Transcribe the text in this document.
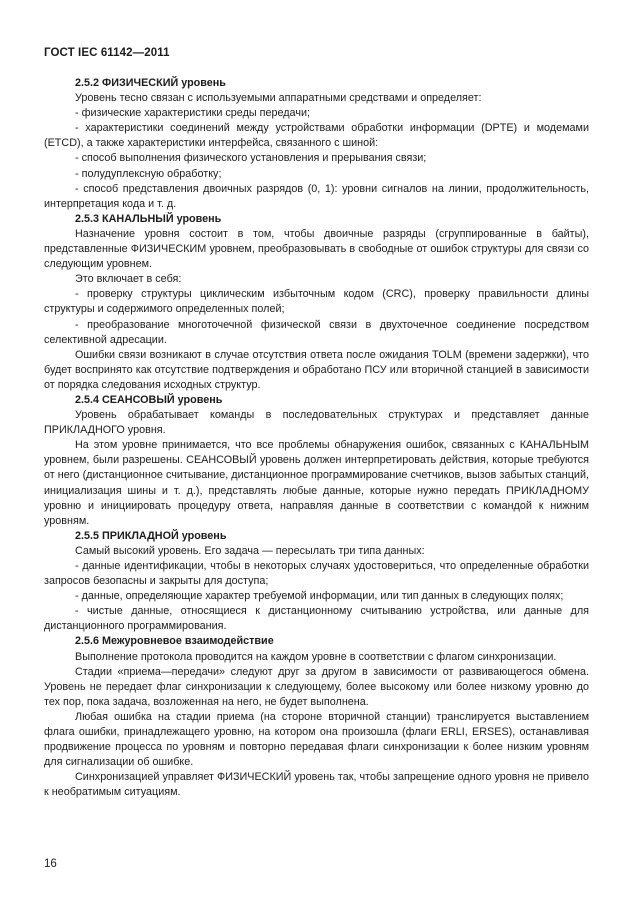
ГОСТ IEC 61142—2011

2.5.2 ФИЗИЧЕСКИЙ уровень

Уровень тесно связан с используемыми аппаратными средствами и определяет:

- физические характеристики среды передачи;

- характеристики соединений между устройствами обработки информации (DPTE) и модемами (ETCD), а также характеристики интерфейса, связанного с шиной:

- способ выполнения физического установления и прерывания связи;

- полудуплексную обработку;

- способ представления двоичных разрядов (0, 1): уровни сигналов на линии, продолжительность, интерпретация кода и т. д.

2.5.3 КАНАЛЬНЫЙ уровень

Назначение уровня состоит в том, чтобы двоичные разряды (сгруппированные в байты), представленные ФИЗИЧЕСКИМ уровнем, преобразовывать в свободные от ошибок структуры для связи со следующим уровнем.

Это включает в себя:

- проверку структуры циклическим избыточным кодом (CRC), проверку правильности длины структуры и содержимого определенных полей;

- преобразование многоточечной физической связи в двухточечное соединение посредством селективной адресации.

Ошибки связи возникают в случае отсутствия ответа после ожидания TOLM (времени задержки), что будет воспринято как отсутствие подтверждения и обработано ПСУ или вторичной станцией в зависимости от порядка следования исходных структур.

2.5.4 СЕАНСОВЫЙ уровень

Уровень обрабатывает команды в последовательных структурах и представляет данные ПРИКЛАДНОГО уровня.

На этом уровне принимается, что все проблемы обнаружения ошибок, связанных с КАНАЛЬНЫМ уровнем, были разрешены. СЕАНСОВЫЙ уровень должен интерпретировать действия, которые требуются от него (дистанционное считывание, дистанционное программирование счетчиков, вызов забытых станций, инициализация шины и т. д.), представлять любые данные, которые нужно передать ПРИКЛАДНОМУ уровню и инициировать процедуру ответа, направляя данные в соответствии с командой к нижним уровням.

2.5.5 ПРИКЛАДНОЙ уровень

Самый высокий уровень. Его задача — пересылать три типа данных:

- данные идентификации, чтобы в некоторых случаях удостовериться, что определенные обработки запросов безопасны и закрыты для доступа;

- данные, определяющие характер требуемой информации, или тип данных в следующих полях;

- чистые данные, относящиеся к дистанционному считыванию устройства, или данные для дистанционного программирования.

2.5.6 Межуровневое взаимодействие

Выполнение протокола проводится на каждом уровне в соответствии с флагом синхронизации.

Стадии «приема—передачи» следуют друг за другом в зависимости от развивающегося обмена. Уровень не передает флаг синхронизации к следующему, более высокому или более низкому уровню до тех пор, пока задача, возложенная на него, не будет выполнена.

Любая ошибка на стадии приема (на стороне вторичной станции) транслируется выставлением флага ошибки, принадлежащего уровню, на котором она произошла (флаги ERLI, ERSES), останавливая продвижение процесса по уровням и повторно передавая флаги синхронизации к более низким уровням для сигнализации об ошибке.

Синхронизацией управляет ФИЗИЧЕСКИЙ уровень так, чтобы запрещение одного уровня не привело к необратимым ситуациям.

16
